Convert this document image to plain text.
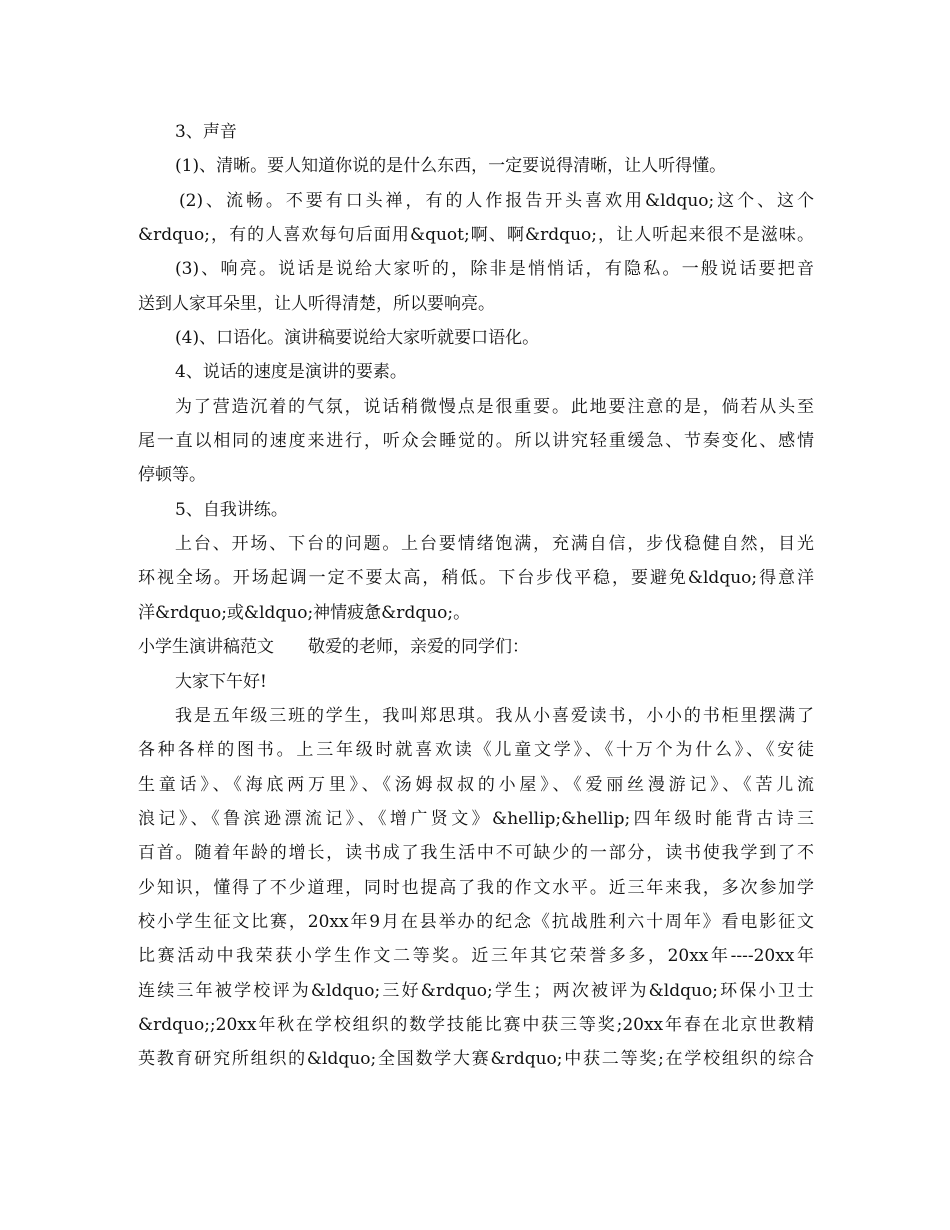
3、声音
(1)、清晰。要人知道你说的是什么东西，一定要说得清晰，让人听得懂。
(2)、流畅。不要有口头禅，有的人作报告开头喜欢用&ldquo;这个、这个
&rdquo;，有的人喜欢每句后面用&quot;啊、啊&rdquo;，让人听起来很不是滋味。
(3)、响亮。说话是说给大家听的，除非是悄悄话，有隐私。一般说话要把音
送到人家耳朵里，让人听得清楚，所以要响亮。
(4)、口语化。演讲稿要说给大家听就要口语化。
4、说话的速度是演讲的要素。
为了营造沉着的气氛，说话稍微慢点是很重要。此地要注意的是，倘若从头至
尾一直以相同的速度来进行，听众会睡觉的。所以讲究轻重缓急、节奏变化、感情
停顿等。
5、自我讲练。
上台、开场、下台的问题。上台要情绪饱满，充满自信，步伐稳健自然，目光
环视全场。开场起调一定不要太高，稍低。下台步伐平稳，要避免&ldquo;得意洋
洋&rdquo;或&ldquo;神情疲惫&rdquo;。
小学生演讲稿范文　　敬爱的老师，亲爱的同学们：
大家下午好!
我是五年级三班的学生，我叫郑思琪。我从小喜爱读书，小小的书柜里摆满了
各种各样的图书。上三年级时就喜欢读《儿童文学》、《十万个为什么》、《安徒
生童话》、《海底两万里》、《汤姆叔叔的小屋》、《爱丽丝漫游记》、《苦儿流
浪记》、《鲁滨逊漂流记》、《增广贤文》&hellip;&hellip;四年级时能背古诗三
百首。随着年龄的增长，读书成了我生活中不可缺少的一部分，读书使我学到了不
少知识，懂得了不少道理，同时也提高了我的作文水平。近三年来我，多次参加学
校小学生征文比赛，20xx年9月在县举办的纪念《抗战胜利六十周年》看电影征文
比赛活动中我荣获小学生作文二等奖。近三年其它荣誉多多，20xx年----20xx年
连续三年被学校评为&ldquo;三好&rdquo;学生；两次被评为&ldquo;环保小卫士
&rdquo;;20xx年秋在学校组织的数学技能比赛中获三等奖;20xx年春在北京世教精
英教育研究所组织的&ldquo;全国数学大赛&rdquo;中获二等奖;在学校组织的综合
